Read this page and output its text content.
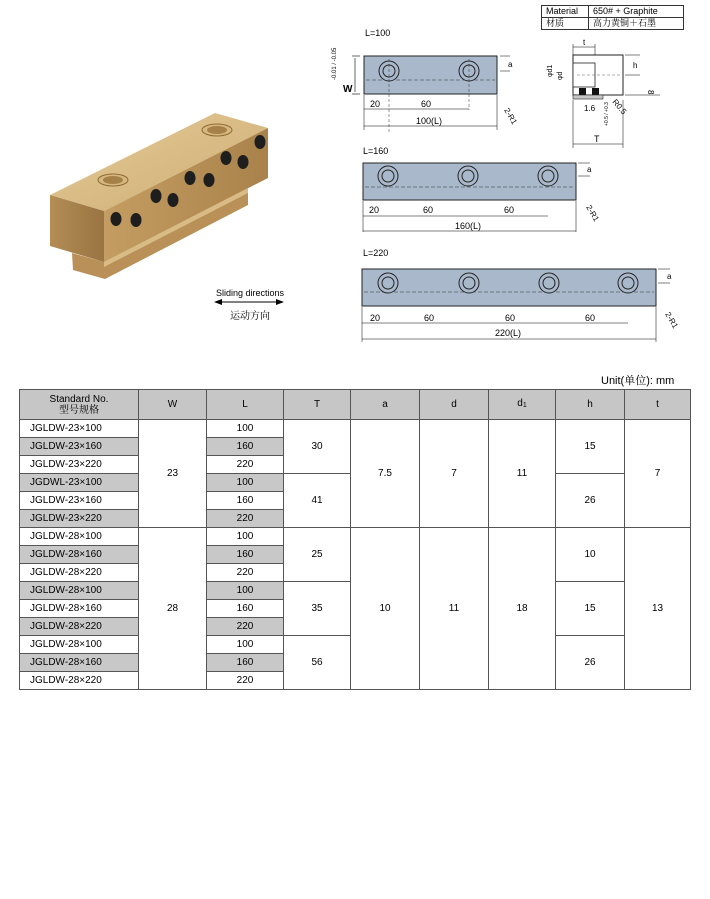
Material	650# + Graphite
材质	高力黄铜＋石墨
Sliding directions
运动方向
L=100
W
-0.01 / -0.05	a
2-R1
20	60
100(L)
t
φd1 φd
h
8
1.6 R0.5
+0.5 / +0.3
T
L=160
a
2-R1
20	60	60
160(L)
L=220
a
2-R1
20	60	60	60
220(L)
Unit(单位): mm
Standard No.
型号规格	W	L	T	a	d	d1	h	t
JGLDW-23×100	23	100	30	7.5	7	11	15	7
JGLDW-23×160		160						
JGLDW-23×220		220						
JGDWL-23×100		100	41				26	
JGLDW-23×160		160						
JGLDW-23×220		220						
JGLDW-28×100	28	100	25	10	11	18	10	13
JGLDW-28×160		160						
JGLDW-28×220		220						
JGLDW-28×100		100	35				15	
JGLDW-28×160		160						
JGLDW-28×220		220						
JGLDW-28×100		100	56				26	
JGLDW-28×160		160						
JGLDW-28×220		220						
